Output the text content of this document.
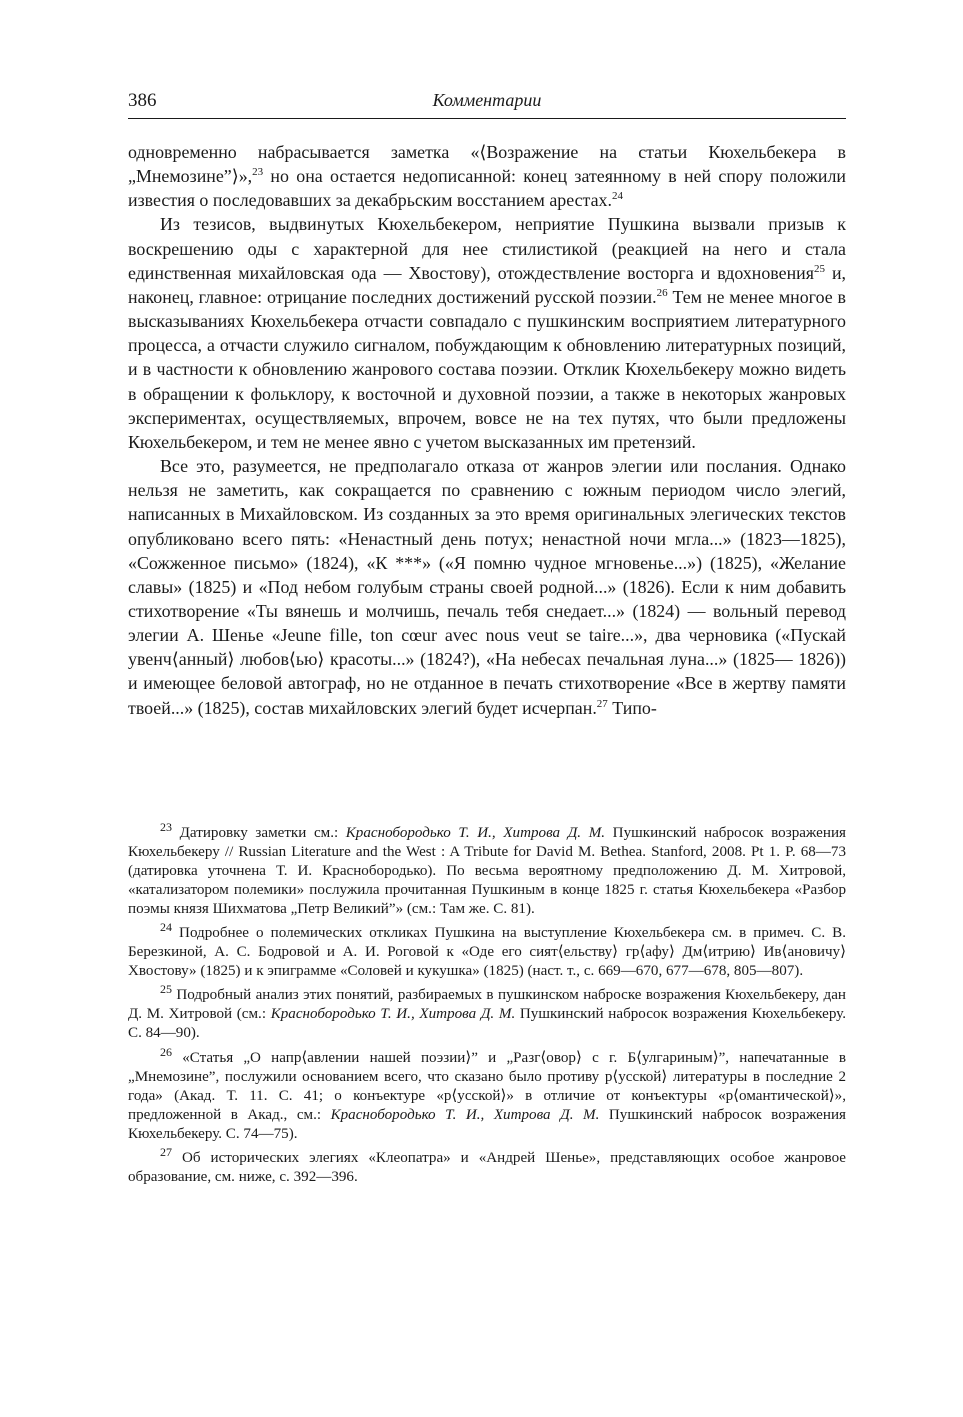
386	Комментарии

одновременно набрасывается заметка «⟨Возражение на статьи Кюхельбекера в „Мнемозине”⟩»,$^{23}$ но она остается недописанной: конец затеянному в ней спору положили известия о последовавших за декабрьским восстанием арестах.$^{24}$

Из тезисов, выдвинутых Кюхельбекером, неприятие Пушкина вызвали призыв к воскрешению оды с характерной для нее стилистикой (реакцией на него и стала единственная михайловская ода — Хвостову), отождествление восторга и вдохновения$^{25}$ и, наконец, главное: отрицание последних достижений русской поэзии.$^{26}$ Тем не менее многое в высказываниях Кюхельбекера отчасти совпадало с пушкинским восприятием литературного процесса, а отчасти служило сигналом, побуждающим к обновлению литературных позиций, и в частности к обновлению жанрового состава поэзии. Отклик Кюхельбекеру можно видеть в обращении к фольклору, к восточной и духовной поэзии, а также в некоторых жанровых экспериментах, осуществляемых, впрочем, вовсе не на тех путях, что были предложены Кюхельбекером, и тем не менее явно с учетом высказанных им претензий.

Все это, разумеется, не предполагало отказа от жанров элегии или послания. Однако нельзя не заметить, как сокращается по сравнению с южным периодом число элегий, написанных в Михайловском. Из созданных за это время оригинальных элегических текстов опубликовано всего пять: «Ненастный день потух; ненастной ночи мгла...» (1823—1825), «Сожженное письмо» (1824), «К ***» («Я помню чудное мгновенье...») (1825), «Желание славы» (1825) и «Под небом голубым страны своей родной...» (1826). Если к ним добавить стихотворение «Ты вянешь и молчишь, печаль тебя снедает...» (1824) — вольный перевод элегии А. Шенье «Jeune fille, ton cœur avec nous veut se taire...», два черновика («Пускай увенч⟨анный⟩ любов⟨ью⟩ красоты...» (1824?), «На небесах печальная луна...» (1825— 1826)) и имеющее беловой автограф, но не отданное в печать стихотворение «Все в жертву памяти твоей...» (1825), состав михайловских элегий будет исчерпан.$^{27}$ Типо-

$^{23}$ Датировку заметки см.: Краснобородько Т. И., Хитрова Д. М. Пушкинский набросок возражения Кюхельбекеру // Russian Literature and the West : A Tribute for David M. Bethea. Stanford, 2008. Pt 1. P. 68—73 (датировка уточнена Т. И. Краснобородько). По весьма вероятному предположению Д. М. Хитровой, «катализатором полемики» послужила прочитанная Пушкиным в конце 1825 г. статья Кюхельбекера «Разбор поэмы князя Шихматова „Петр Великий”» (см.: Там же. С. 81).

$^{24}$ Подробнее о полемических откликах Пушкина на выступление Кюхельбекера см. в примеч. С. В. Березкиной, А. С. Бодровой и А. И. Роговой к «Оде его сият⟨ельству⟩ гр⟨афу⟩ Дм⟨итрию⟩ Ив⟨ановичу⟩ Хвостову» (1825) и к эпиграмме «Соловей и кукушка» (1825) (наст. т., с. 669—670, 677—678, 805—807).

$^{25}$ Подробный анализ этих понятий, разбираемых в пушкинском наброске возражения Кюхельбекеру, дан Д. М. Хитровой (см.: Краснобородько Т. И., Хитрова Д. М. Пушкинский набросок возражения Кюхельбекеру. С. 84—90).

$^{26}$ «Статья „О напр⟨авлении нашей поэзии⟩” и „Разг⟨овор⟩ с г. Б⟨улгариным⟩”, напечатанные в „Мнемозине”, послужили основанием всего, что сказано было противу р⟨усской⟩ литературы в последние 2 года» (Акад. Т. 11. С. 41; о конъектуре «р⟨усской⟩» в отличие от конъектуры «р⟨омантической⟩», предложенной в Акад., см.: Краснобородько Т. И., Хитрова Д. М. Пушкинский набросок возражения Кюхельбекеру. С. 74—75).

$^{27}$ Об исторических элегиях «Клеопатра» и «Андрей Шенье», представляющих особое жанровое образование, см. ниже, с. 392—396.
